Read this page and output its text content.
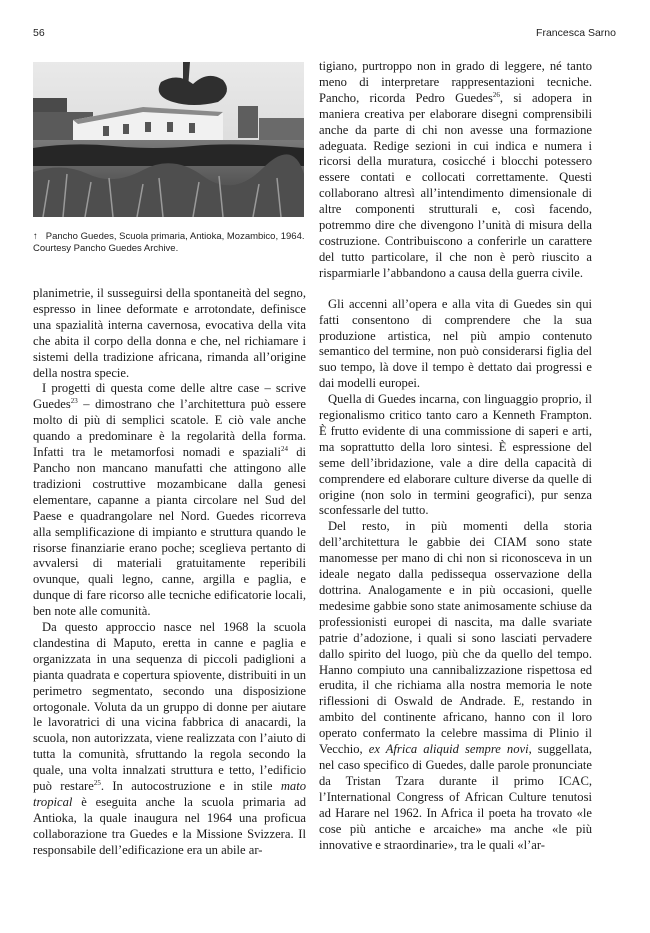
56	Francesca Sarno
↑ Pancho Guedes, Scuola primaria, Antioka, Mozambico, 1964. Courtesy Pancho Guedes Archive.

planimetrie, il susseguirsi della spontaneità del segno, espresso in linee deformate e arrotondate, definisce una spazialità interna cavernosa, evocativa della vita che abita il corpo della donna e che, nel richiamare i sistemi della tradizione africana, rimanda all’origine della nostra specie.

I progetti di questa come delle altre case – scrive Guedes$^{23}$ – dimostrano che l’architettura può essere molto di più di semplici scatole. E ciò vale anche quando a predominare è la regolarità della forma. Infatti tra le metamorfosi nomadi e spaziali$^{24}$ di Pancho non mancano manufatti che attingono alle tradizioni costruttive mozambicane dalla genesi elementare, capanne a pianta circolare nel Sud del Paese e quadrangolare nel Nord. Guedes ricorreva alla semplificazione di impianto e struttura quando le risorse finanziarie erano poche; sceglieva pertanto di avvalersi di materiali gratuitamente reperibili ovunque, quali legno, canne, argilla e paglia, e dunque di fare ricorso alle tecniche edificatorie locali, ben note alle comunità.

Da questo approccio nasce nel 1968 la scuola clandestina di Maputo, eretta in canne e paglia e organizzata in una sequenza di piccoli padiglioni a pianta quadrata e copertura spiovente, distribuiti in un perimetro segmentato, secondo una disposizione ortogonale. Voluta da un gruppo di donne per aiutare le lavoratrici di una vicina fabbrica di anacardi, la scuola, non autorizzata, viene realizzata con l’aiuto di tutta la comunità, sfruttando la regola secondo la quale, una volta innalzati struttura e tetto, l’edificio può restare$^{25}$. In autocostruzione e in stile mato tropical è eseguita anche la scuola primaria ad Antioka, la quale inaugura nel 1964 una proficua collaborazione tra Guedes e la Missione Svizzera. Il responsabile dell’edificazione era un abile ar-

tigiano, purtroppo non in grado di leggere, né tanto meno di interpretare rappresentazioni tecniche. Pancho, ricorda Pedro Guedes$^{26}$, si adopera in maniera creativa per elaborare disegni comprensibili anche da parte di chi non avesse una formazione adeguata. Redige sezioni in cui indica e numera i ricorsi della muratura, cosicché i blocchi potessero essere contati e collocati correttamente. Questi collaborano altresì all’intendimento dimensionale di altre componenti strutturali e, così facendo, potremmo dire che divengono l’unità di misura della costruzione. Contribuiscono a conferirle un carattere del tutto particolare, il che non è però riuscito a risparmiarle l’abbandono a causa della guerra civile.

Gli accenni all’opera e alla vita di Guedes sin qui fatti consentono di comprendere che la sua produzione artistica, nel più ampio contenuto semantico del termine, non può considerarsi figlia del suo tempo, là dove il tempo è dettato dai progressi e dai modelli europei.

Quella di Guedes incarna, con linguaggio proprio, il regionalismo critico tanto caro a Kenneth Frampton. È frutto evidente di una commissione di saperi e arti, ma soprattutto della loro sintesi. È espressione del seme dell’ibridazione, vale a dire della capacità di comprendere ed elaborare culture diverse da quelle di origine (non solo in termini geografici), pur senza sconfessarle del tutto.

Del resto, in più momenti della storia dell’architettura le gabbie dei CIAM sono state manomesse per mano di chi non si riconosceva in un ideale negato dalla pedissequa osservazione della dottrina. Analogamente e in più occasioni, quelle medesime gabbie sono state animosamente schiuse da professionisti europei di nascita, ma dalle svariate patrie d’adozione, i quali si sono lasciati pervadere dallo spirito del luogo, più che da quello del tempo. Hanno compiuto una cannibalizzazione rispettosa ed erudita, il che richiama alla nostra memoria le note riflessioni di Oswald de Andrade. E, restando in ambito del continente africano, hanno con il loro operato confermato la celebre massima di Plinio il Vecchio, ex Africa aliquid sempre novi, suggellata, nel caso specifico di Guedes, dalle parole pronunciate da Tristan Tzara durante il primo ICAC, l’International Congress of African Culture tenutosi ad Harare nel 1962. In Africa il poeta ha trovato «le cose più antiche e arcaiche» ma anche «le più innovative e straordinarie», tra le quali «l’ar-
